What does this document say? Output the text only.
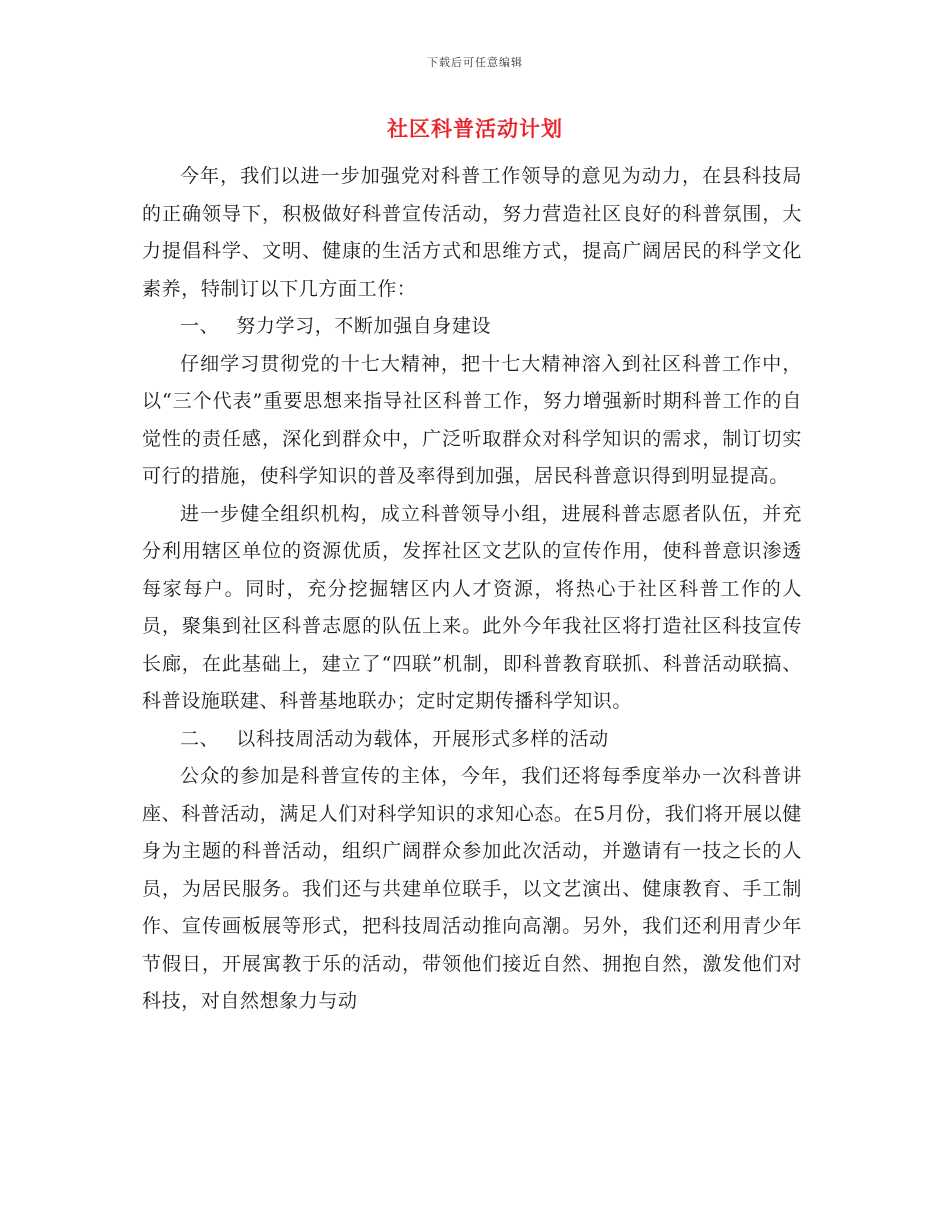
下载后可任意编辑
社区科普活动计划

今年，我们以进一步加强党对科普工作领导的意见为动力，在县科技局的正确领导下，积极做好科普宣传活动，努力营造社区良好的科普氛围，大力提倡科学、文明、健康的生活方式和思维方式，提高广阔居民的科学文化素养，特制订以下几方面工作：

一、 努力学习，不断加强自身建设

仔细学习贯彻党的十七大精神，把十七大精神溶入到社区科普工作中，以“三个代表”重要思想来指导社区科普工作，努力增强新时期科普工作的自觉性的责任感，深化到群众中，广泛听取群众对科学知识的需求，制订切实可行的措施，使科学知识的普及率得到加强，居民科普意识得到明显提高。

进一步健全组织机构，成立科普领导小组，进展科普志愿者队伍，并充分利用辖区单位的资源优质，发挥社区文艺队的宣传作用，使科普意识渗透每家每户。同时，充分挖掘辖区内人才资源，将热心于社区科普工作的人员，聚集到社区科普志愿的队伍上来。此外今年我社区将打造社区科技宣传长廊，在此基础上，建立了“四联”机制，即科普教育联抓、科普活动联搞、科普设施联建、科普基地联办；定时定期传播科学知识。

二、 以科技周活动为载体，开展形式多样的活动

公众的参加是科普宣传的主体，今年，我们还将每季度举办一次科普讲座、科普活动，满足人们对科学知识的求知心态。在5月份，我们将开展以健身为主题的科普活动，组织广阔群众参加此次活动，并邀请有一技之长的人员，为居民服务。我们还与共建单位联手，以文艺演出、健康教育、手工制作、宣传画板展等形式，把科技周活动推向高潮。另外，我们还利用青少年节假日，开展寓教于乐的活动，带领他们接近自然、拥抱自然，激发他们对科技，对自然想象力与动
